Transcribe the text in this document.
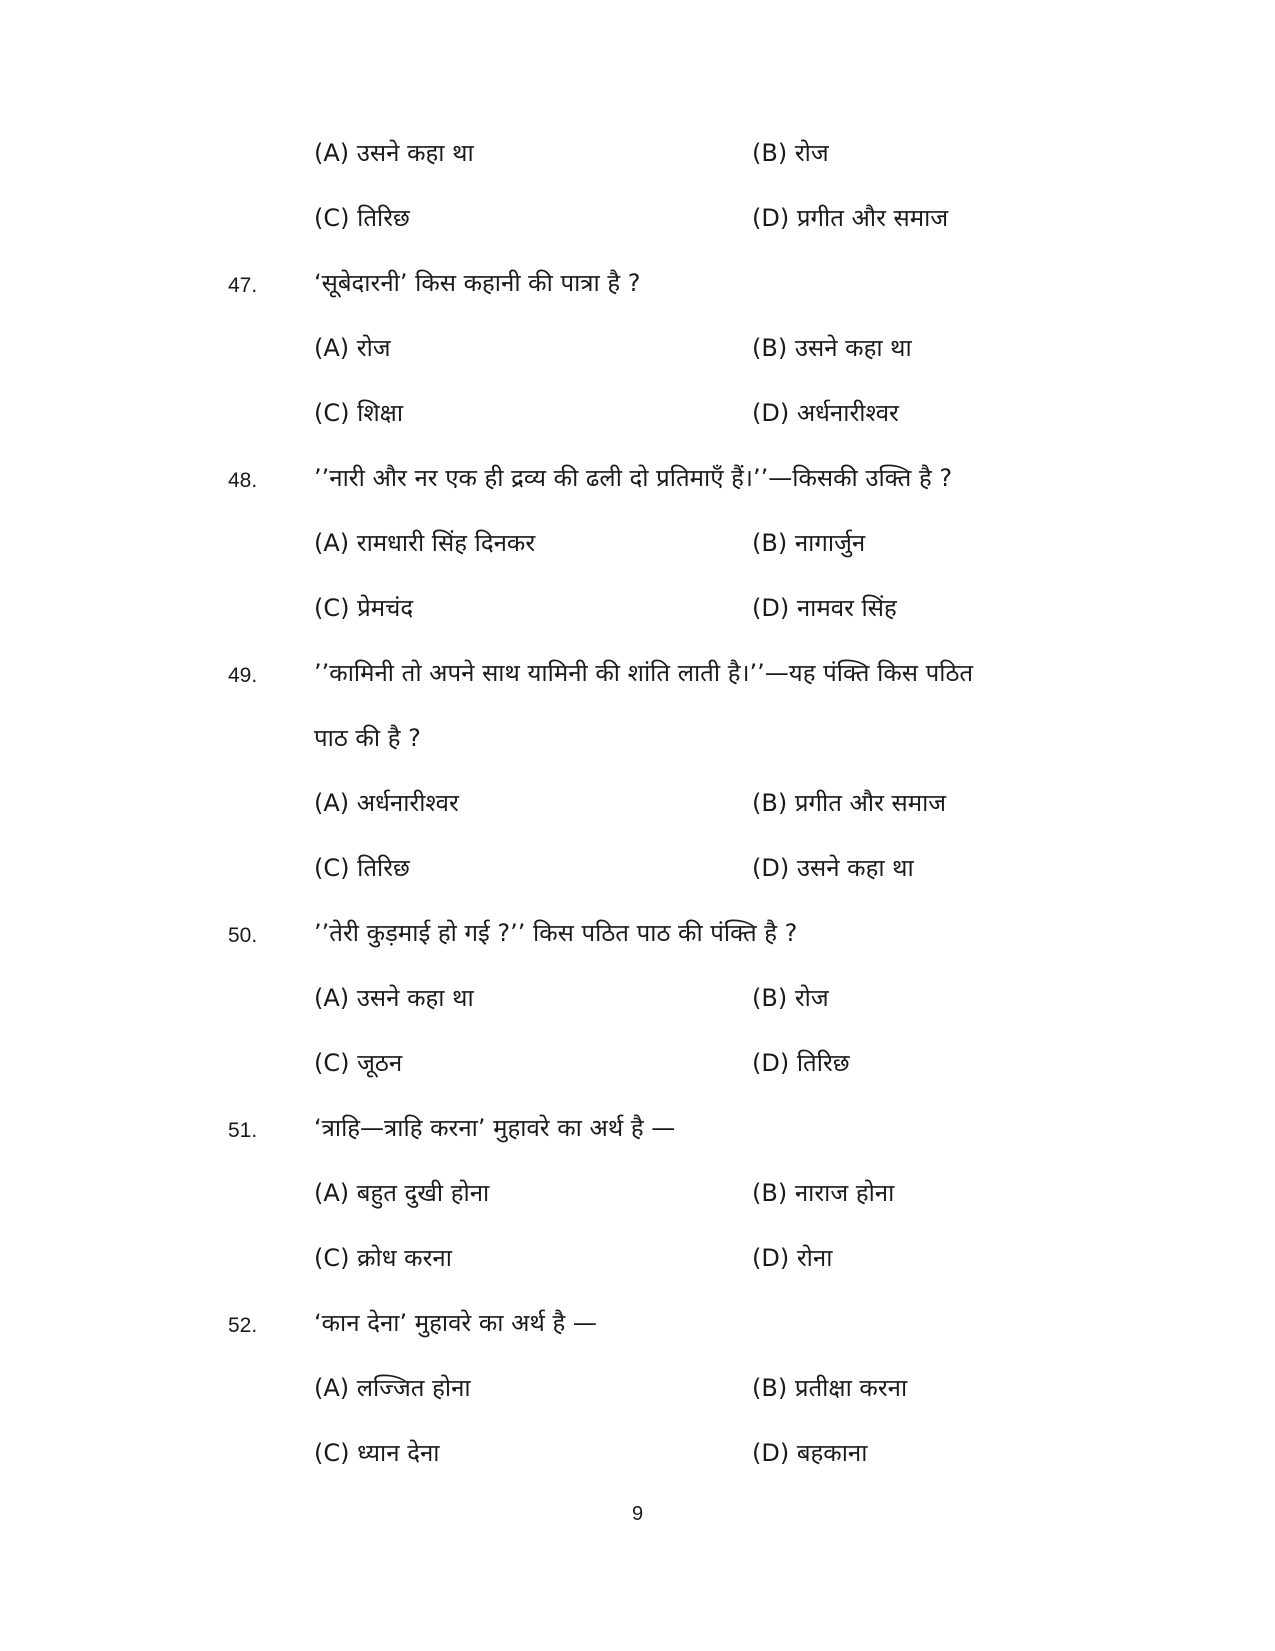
(A) उसने कहा था	(B) रोज
(C) तिरिछ	(D) प्रगीत और समाज
47. ‘सूबेदारनी’ किस कहानी की पात्रा है ?
(A) रोज	(B) उसने कहा था
(C) शिक्षा	(D) अर्धनारीश्वर
48. ’’नारी और नर एक ही द्रव्य की ढली दो प्रतिमाएँ हैं।’’—किसकी उक्ति है ?
(A) रामधारी सिंह दिनकर	(B) नागार्जुन
(C) प्रेमचंद	(D) नामवर सिंह
49. ’’कामिनी तो अपने साथ यामिनी की शांति लाती है।’’—यह पंक्ति किस पठित
पाठ की है ?
(A) अर्धनारीश्वर	(B) प्रगीत और समाज
(C) तिरिछ	(D) उसने कहा था
50. ’’तेरी कुड़माई हो गई ?’’ किस पठित पाठ की पंक्ति है ?
(A) उसने कहा था	(B) रोज
(C) जूठन	(D) तिरिछ
51. ‘त्राहि—त्राहि करना’ मुहावरे का अर्थ है —
(A) बहुत दुखी होना	(B) नाराज होना
(C) क्रोध करना	(D) रोना
52. ‘कान देना’ मुहावरे का अर्थ है —
(A) लज्जित होना	(B) प्रतीक्षा करना
(C) ध्यान देना	(D) बहकाना
9
